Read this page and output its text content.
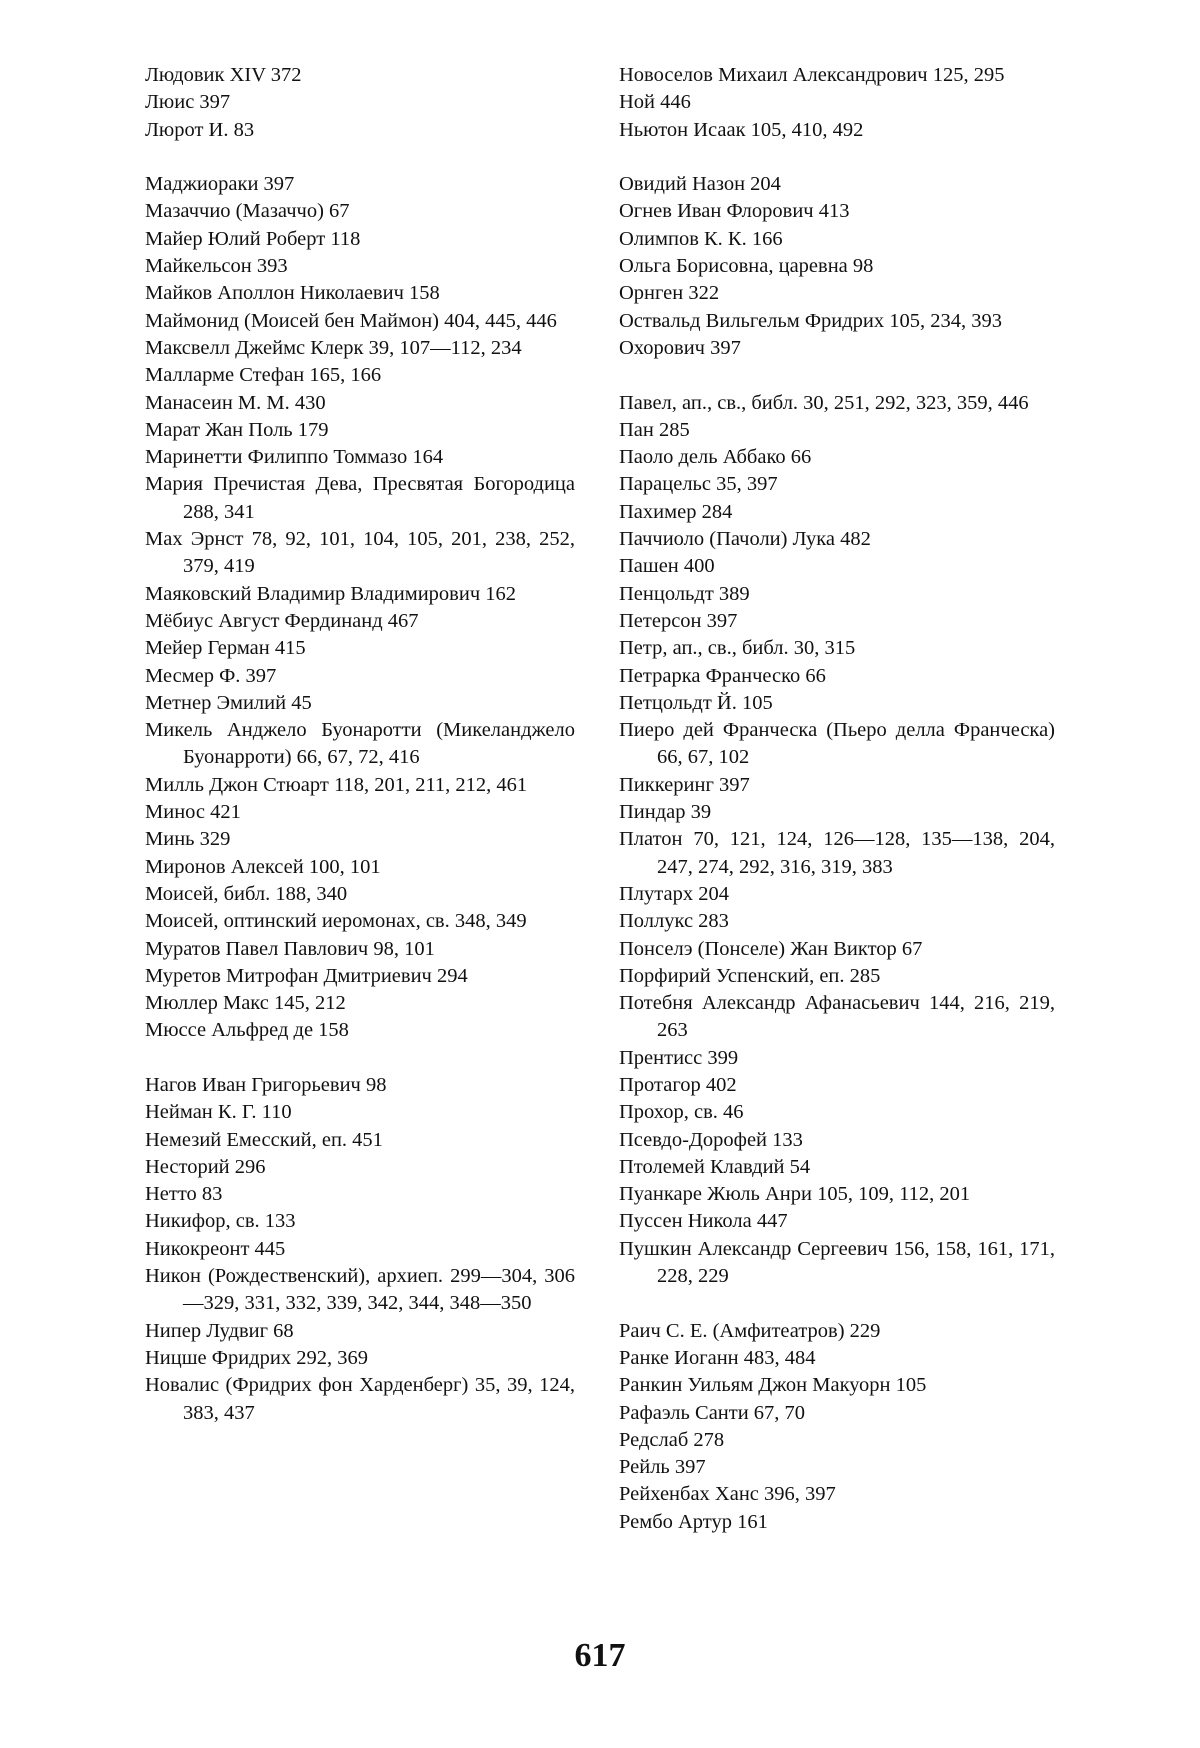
Людовик XIV 372

Люис 397

Люрот И. 83

Маджиораки 397

Мазаччио (Мазаччо) 67

Майер Юлий Роберт 118

Майкельсон 393

Майков Аполлон Николаевич 158

Маймонид (Моисей бен Маймон) 404, 445, 446

Максвелл Джеймс Клерк 39, 107—112, 234

Малларме Стефан 165, 166

Манасеин М. М. 430

Марат Жан Поль 179

Маринетти Филиппо Томмазо 164

Мария Пречистая Дева, Пресвятая Богородица 288, 341

Мах Эрнст 78, 92, 101, 104, 105, 201, 238, 252, 379, 419

Маяковский Владимир Владимирович 162

Мёбиус Август Фердинанд 467

Мейер Герман 415

Месмер Ф. 397

Метнер Эмилий 45

Микель Анджело Буонаротти (Микеланджело Буонарроти) 66, 67, 72, 416

Милль Джон Стюарт 118, 201, 211, 212, 461

Минос 421

Минь 329

Миронов Алексей 100, 101

Моисей, библ. 188, 340

Моисей, оптинский иеромонах, св. 348, 349

Муратов Павел Павлович 98, 101

Муретов Митрофан Дмитриевич 294

Мюллер Макс 145, 212

Мюссе Альфред де 158

Нагов Иван Григорьевич 98

Нейман К. Г. 110

Немезий Емесский, еп. 451

Несторий 296

Нетто 83

Никифор, св. 133

Никокреонт 445

Никон (Рождественский), архиеп. 299—304, 306—329, 331, 332, 339, 342, 344, 348—350

Нипер Лудвиг 68

Ницше Фридрих 292, 369

Новалис (Фридрих фон Харденберг) 35, 39, 124, 383, 437

Новоселов Михаил Александрович 125, 295

Ной 446

Ньютон Исаак 105, 410, 492

Овидий Назон 204

Огнев Иван Флорович 413

Олимпов К. К. 166

Ольга Борисовна, царевна 98

Орнген 322

Оствальд Вильгельм Фридрих 105, 234, 393

Охорович 397

Павел, ап., св., библ. 30, 251, 292, 323, 359, 446

Пан 285

Паоло дель Аббако 66

Парацельс 35, 397

Пахимер 284

Паччиоло (Пачоли) Лука 482

Пашен 400

Пенцольдт 389

Петерсон 397

Петр, ап., св., библ. 30, 315

Петрарка Франческо 66

Петцольдт Й. 105

Пиеро дей Франческа (Пьеро делла Франческа) 66, 67, 102

Пиккеринг 397

Пиндар 39

Платон 70, 121, 124, 126—128, 135—138, 204, 247, 274, 292, 316, 319, 383

Плутарх 204

Поллукс 283

Понселэ (Понселе) Жан Виктор 67

Порфирий Успенский, еп. 285

Потебня Александр Афанасьевич 144, 216, 219, 263

Прентисс 399

Протагор 402

Прохор, св. 46

Псевдо-Дорофей 133

Птолемей Клавдий 54

Пуанкаре Жюль Анри 105, 109, 112, 201

Пуссен Никола 447

Пушкин Александр Сергеевич 156, 158, 161, 171, 228, 229

Раич С. Е. (Амфитеатров) 229

Ранке Иоганн 483, 484

Ранкин Уильям Джон Макуорн 105

Рафаэль Санти 67, 70

Редслаб 278

Рейль 397

Рейхенбах Ханс 396, 397

Рембо Артур 161

617
